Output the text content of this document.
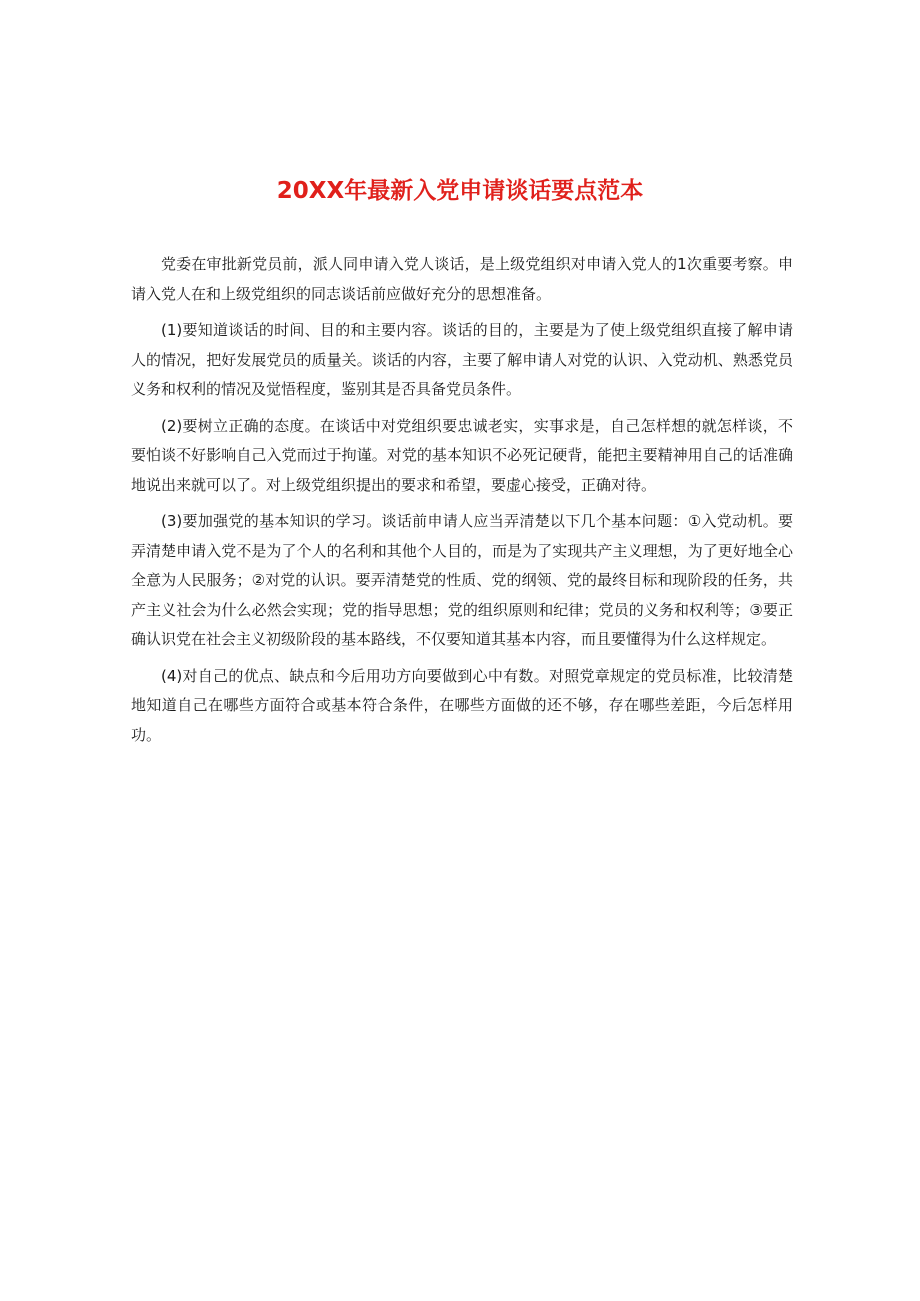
20XX年最新入党申请谈话要点范本

党委在审批新党员前，派人同申请入党人谈话，是上级党组织对申请入党人的1次重要考察。申请入党人在和上级党组织的同志谈话前应做好充分的思想准备。

(1)要知道谈话的时间、目的和主要内容。谈话的目的，主要是为了使上级党组织直接了解申请人的情况，把好发展党员的质量关。谈话的内容，主要了解申请人对党的认识、入党动机、熟悉党员义务和权利的情况及觉悟程度，鉴别其是否具备党员条件。

(2)要树立正确的态度。在谈话中对党组织要忠诚老实，实事求是，自己怎样想的就怎样谈，不要怕谈不好影响自己入党而过于拘谨。对党的基本知识不必死记硬背，能把主要精神用自己的话准确地说出来就可以了。对上级党组织提出的要求和希望，要虚心接受，正确对待。

(3)要加强党的基本知识的学习。谈话前申请人应当弄清楚以下几个基本问题：①入党动机。要弄清楚申请入党不是为了个人的名利和其他个人目的，而是为了实现共产主义理想，为了更好地全心全意为人民服务；②对党的认识。要弄清楚党的性质、党的纲领、党的最终目标和现阶段的任务，共产主义社会为什么必然会实现；党的指导思想；党的组织原则和纪律；党员的义务和权利等；③要正确认识党在社会主义初级阶段的基本路线，不仅要知道其基本内容，而且要懂得为什么这样规定。

(4)对自己的优点、缺点和今后用功方向要做到心中有数。对照党章规定的党员标准，比较清楚地知道自己在哪些方面符合或基本符合条件，在哪些方面做的还不够，存在哪些差距，今后怎样用功。
